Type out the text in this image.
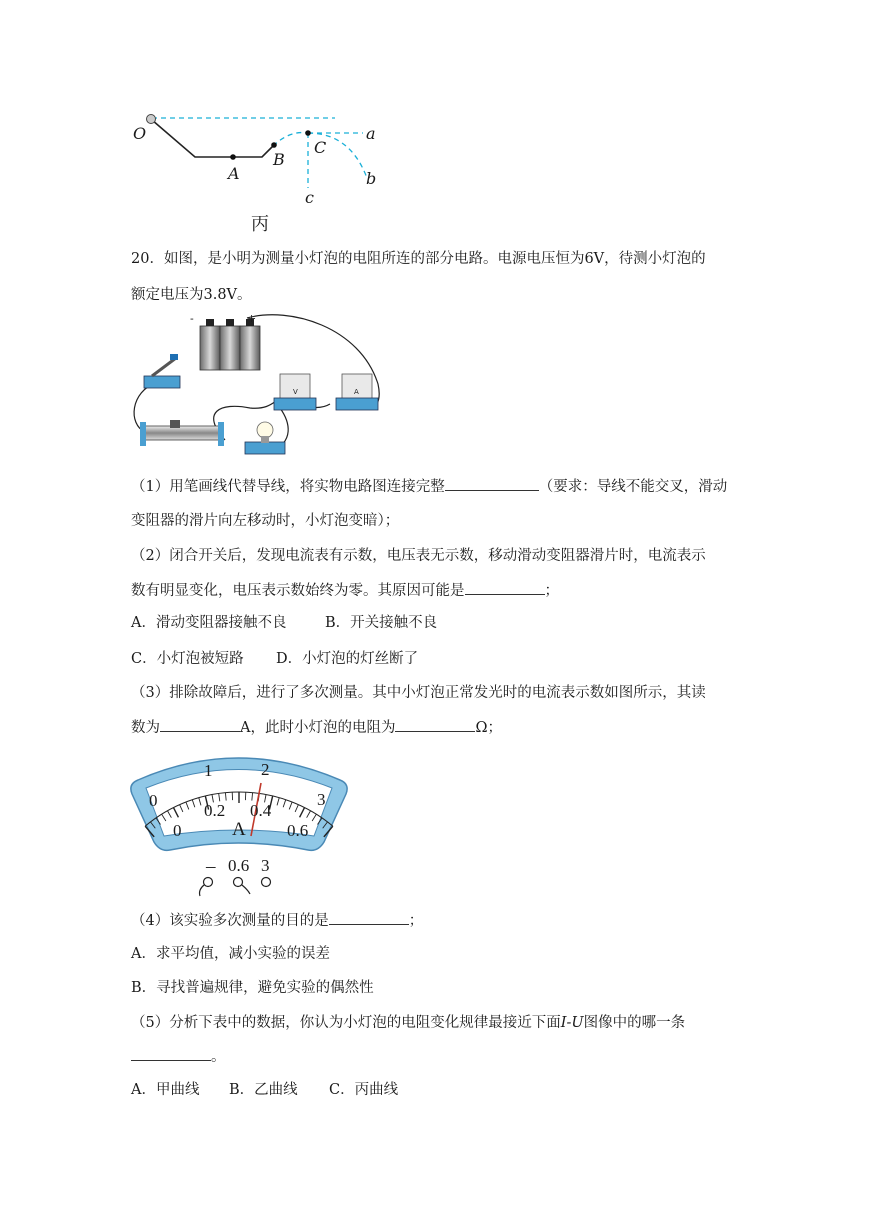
O
A
B
C
a
b
c
丙
20．如图，是小明为测量小灯泡的电阻所连的部分电路。电源电压恒为6V，待测小灯泡的
额定电压为3.8V。
V	A
-	+
（1）用笔画线代替导线，将实物电路图连接完整	（要求：导线不能交叉，滑动
变阻器的滑片向左移动时，小灯泡变暗）；
（2）闭合开关后，发现电流表有示数，电压表无示数，移动滑动变阻器滑片时，电流表示
数有明显变化，电压表示数始终为零。其原因可能是	；
A．滑动变阻器接触不良	B．开关接触不良
C．小灯泡被短路 D．小灯泡的灯丝断了
（3）排除故障后，进行了多次测量。其中小灯泡正常发光时的电流表示数如图所示，其读
数为	A，此时小灯泡的电阻为	Ω；
0
1	2
3
0
0.2 0.4
0.6
A
– 0.6 3
（4）该实验多次测量的目的是	；
A．求平均值，减小实验的误差
B．寻找普遍规律，避免实验的偶然性
（5）分析下表中的数据，你认为小灯泡的电阻变化规律最接近下面I-U图像中的哪一条
。
A．甲曲线 B．乙曲线 C．丙曲线
